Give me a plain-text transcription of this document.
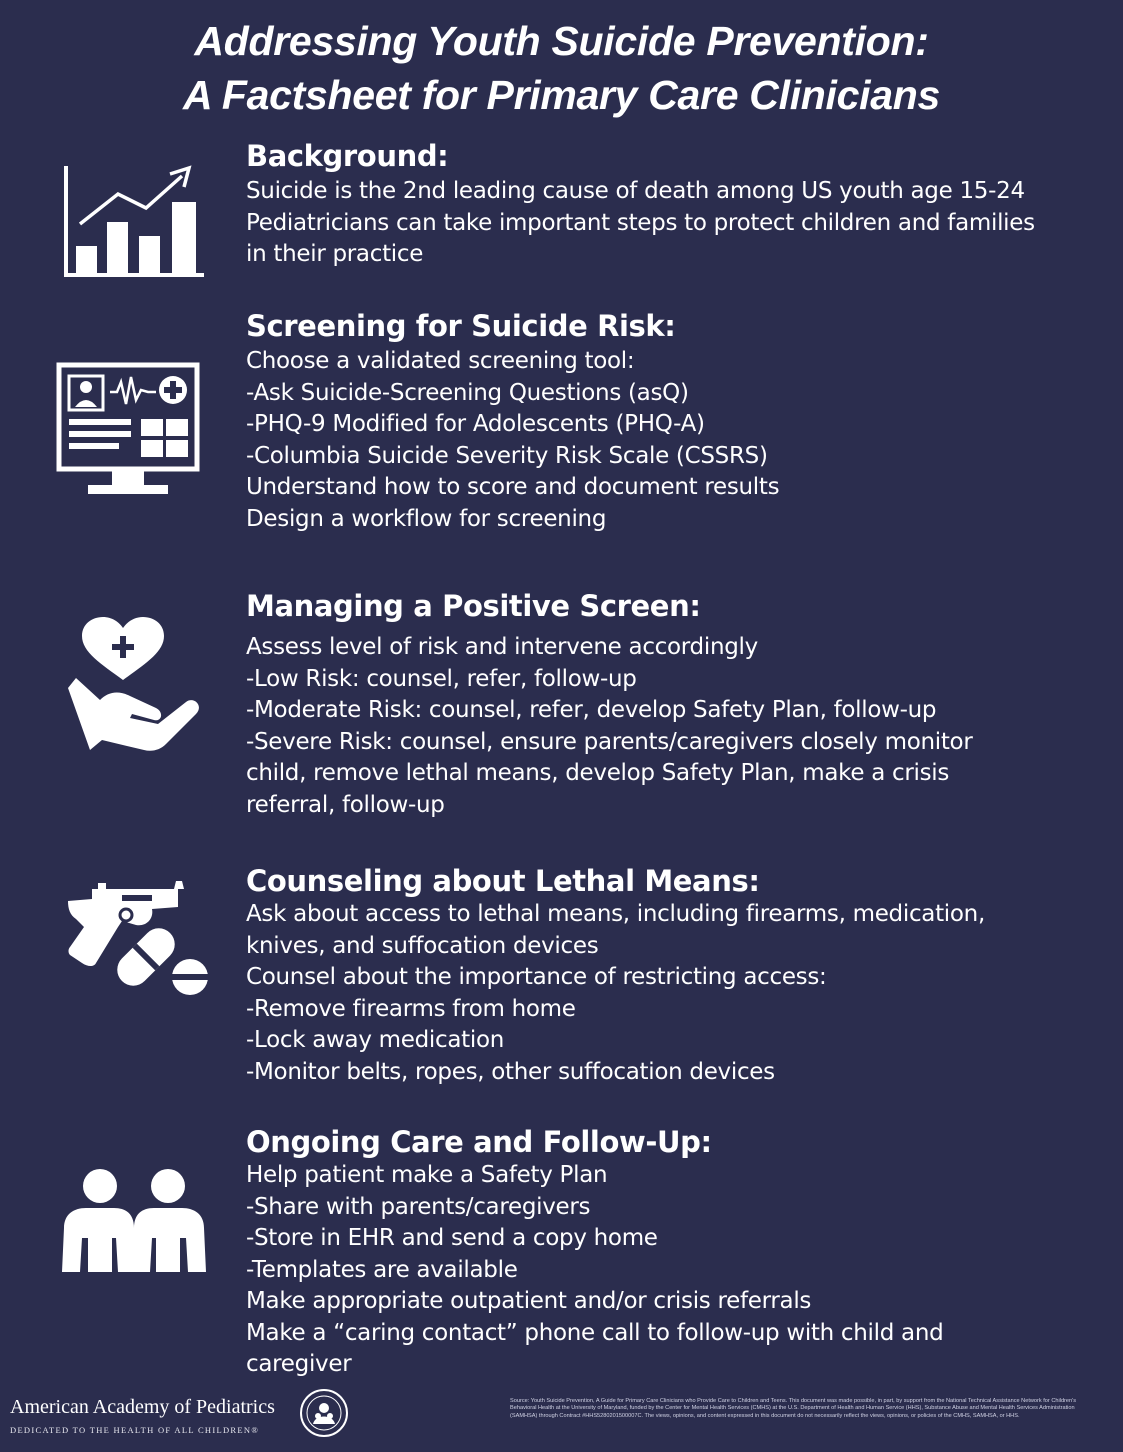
Addressing Youth Suicide Prevention:
A Factsheet for Primary Care Clinicians
Background:
Suicide is the 2nd leading cause of death among US youth age 15-24
Pediatricians can take important steps to protect children and families
in their practice
Screening for Suicide Risk:
Choose a validated screening tool:
-Ask Suicide-Screening Questions (asQ)
-PHQ-9 Modified for Adolescents (PHQ-A)
-Columbia Suicide Severity Risk Scale (CSSRS)
Understand how to score and document results
Design a workflow for screening
Managing a Positive Screen:
Assess level of risk and intervene accordingly
-Low Risk: counsel, refer, follow-up
-Moderate Risk: counsel, refer, develop Safety Plan, follow-up
-Severe Risk: counsel, ensure parents/caregivers closely monitor
child, remove lethal means, develop Safety Plan, make a crisis
referral, follow-up
Counseling about Lethal Means:
Ask about access to lethal means, including firearms, medication,
knives, and suffocation devices
Counsel about the importance of restricting access:
-Remove firearms from home
-Lock away medication
-Monitor belts, ropes, other suffocation devices
Ongoing Care and Follow-Up:
Help patient make a Safety Plan
-Share with parents/caregivers
-Store in EHR and send a copy home
-Templates are available
Make appropriate outpatient and/or crisis referrals
Make a “caring contact” phone call to follow-up with child and
caregiver
American Academy of Pediatrics
DEDICATED TO THE HEALTH OF ALL CHILDREN®
Source: Youth Suicide Prevention, A Guide for Primary Care Clinicians who Provide Care to Children and Teens. This document was made possible, in part, by support from the National Technical Assistance Network for Children's Behavioral Health at the University of Maryland, funded by the Center for Mental Health Services (CMHS) at the U.S. Department of Health and Human Service (HHS), Substance Abuse and Mental Health Services Administration (SAMHSA) through Contract #HHS5280201500007C. The views, opinions, and content expressed in this document do not necessarily reflect the views, opinions, or policies of the CMHS, SAMHSA, or HHS.
